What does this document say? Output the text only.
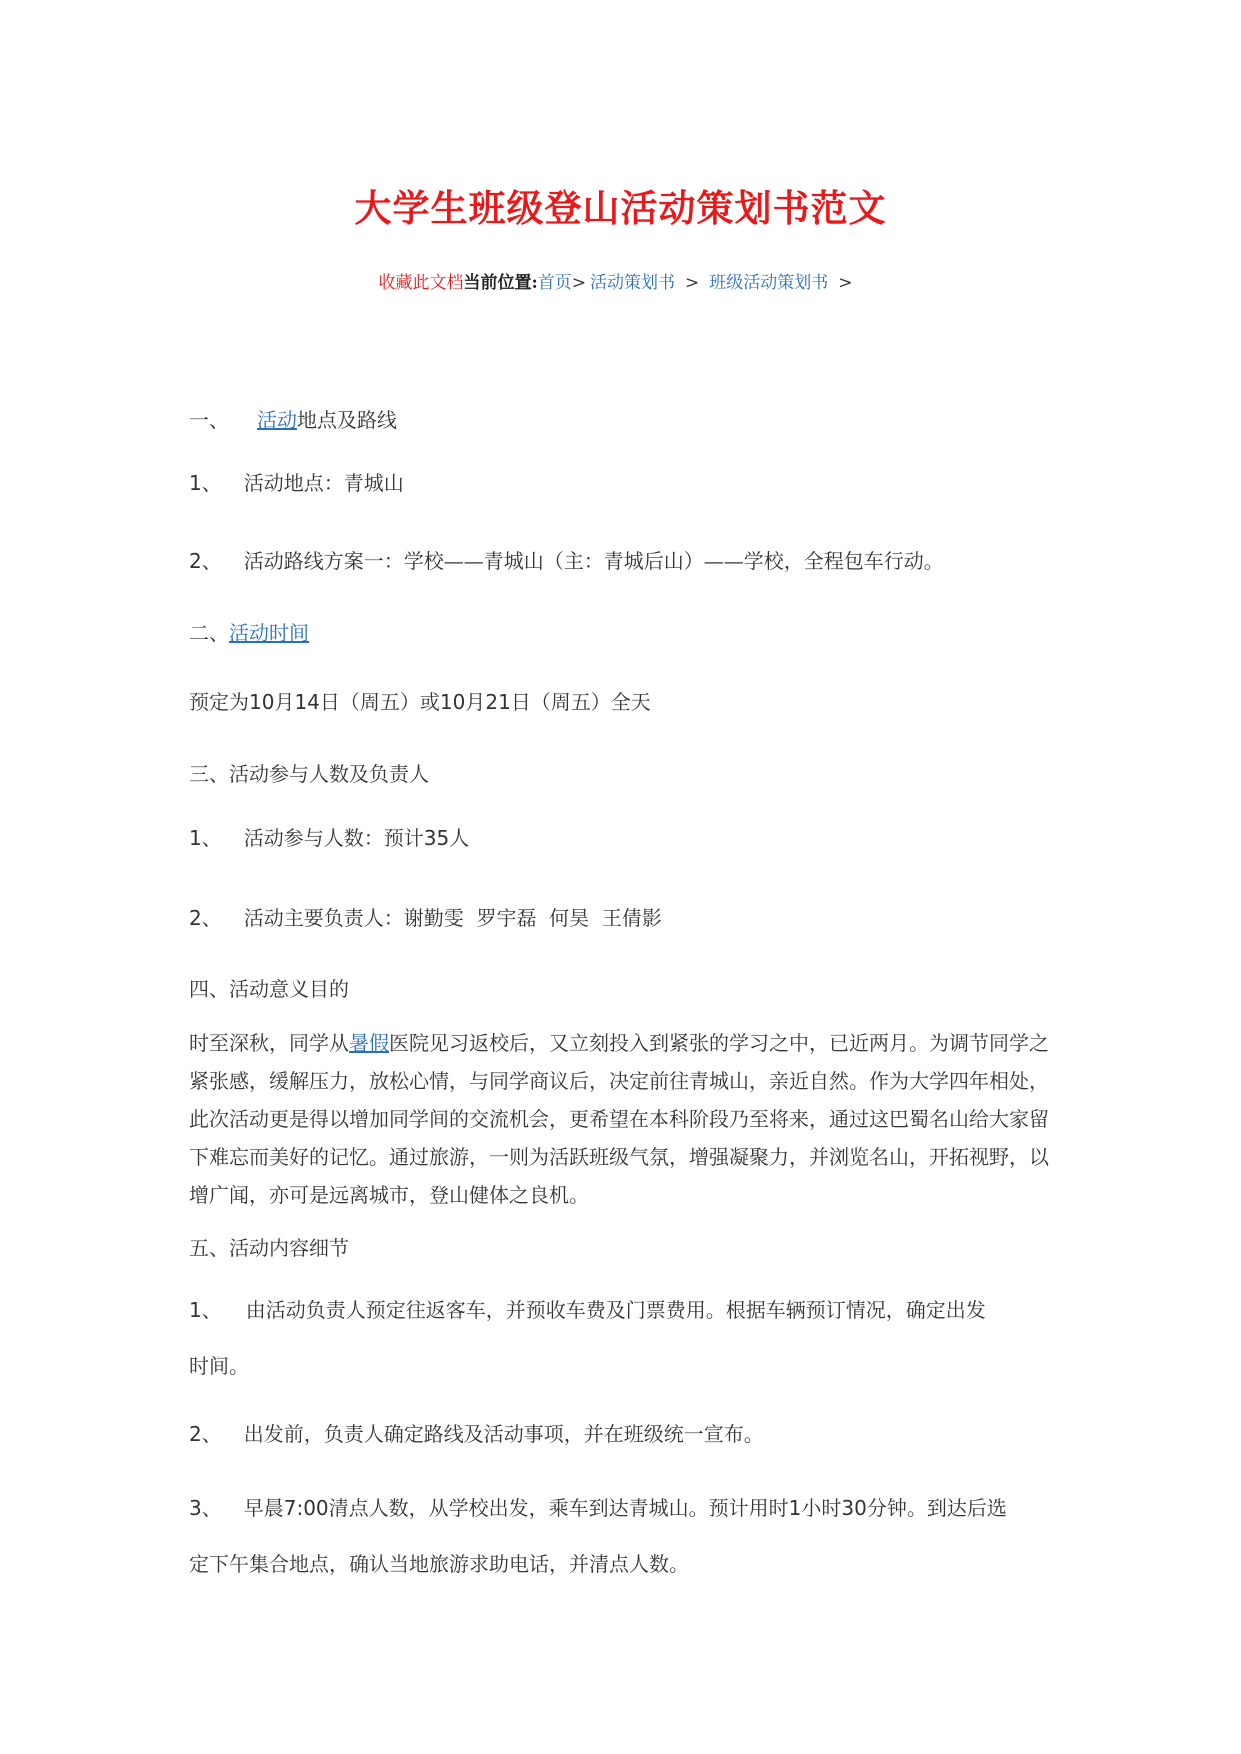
大学生班级登山活动策划书范文
收藏此文档当前位置:首页> 活动策划书 > 班级活动策划书 >
一、 活动地点及路线
1、 活动地点：青城山
2、 活动路线方案一：学校——青城山（主：青城后山）——学校，全程包车行动。
二、活动时间
预定为10月14日（周五）或10月21日（周五）全天
三、活动参与人数及负责人
1、 活动参与人数：预计35人
2、 活动主要负责人：谢勤雯  罗宇磊  何昊  王倩影
四、活动意义目的
时至深秋，同学从暑假医院见习返校后，又立刻投入到紧张的学习之中，已近两月。为调节同学之紧张感，缓解压力，放松心情，与同学商议后，决定前往青城山，亲近自然。作为大学四年相处，此次活动更是得以增加同学间的交流机会，更希望在本科阶段乃至将来，通过这巴蜀名山给大家留下难忘而美好的记忆。通过旅游，一则为活跃班级气氛，增强凝聚力，并浏览名山，开拓视野，以增广闻，亦可是远离城市，登山健体之良机。
五、活动内容细节
1、 由活动负责人预定往返客车，并预收车费及门票费用。根据车辆预订情况，确定出发
时间。
2、 出发前，负责人确定路线及活动事项，并在班级统一宣布。
3、 早晨7:00清点人数，从学校出发，乘车到达青城山。预计用时1小时30分钟。到达后选
定下午集合地点，确认当地旅游求助电话，并清点人数。
